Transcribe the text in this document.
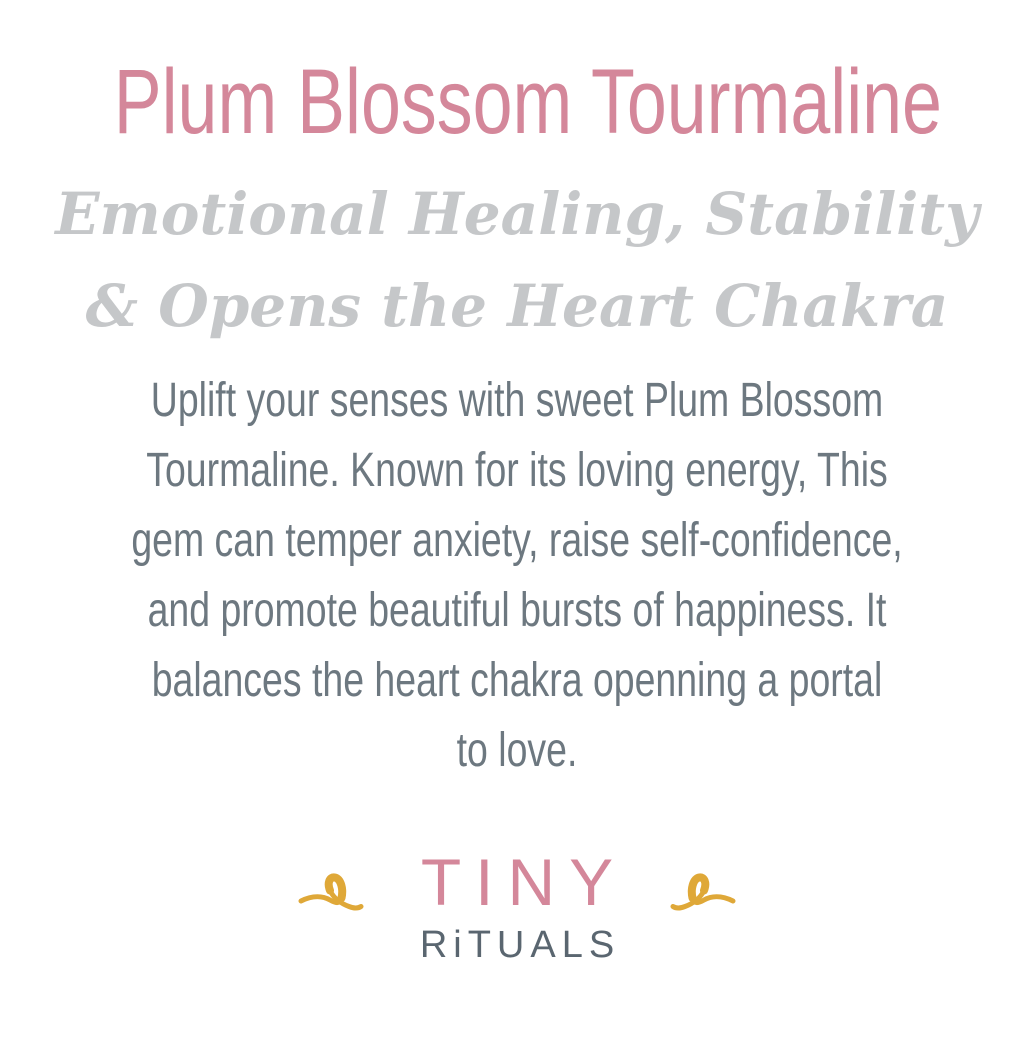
Plum Blossom Tourmaline
Emotional Healing, Stability
& Opens the Heart Chakra
Uplift your senses with sweet Plum Blossom
Tourmaline. Known for its loving energy, This
gem can temper anxiety, raise self-confidence,
and promote beautiful bursts of happiness. It
balances the heart chakra openning a portal
to love.
TINY
RiTUALS
